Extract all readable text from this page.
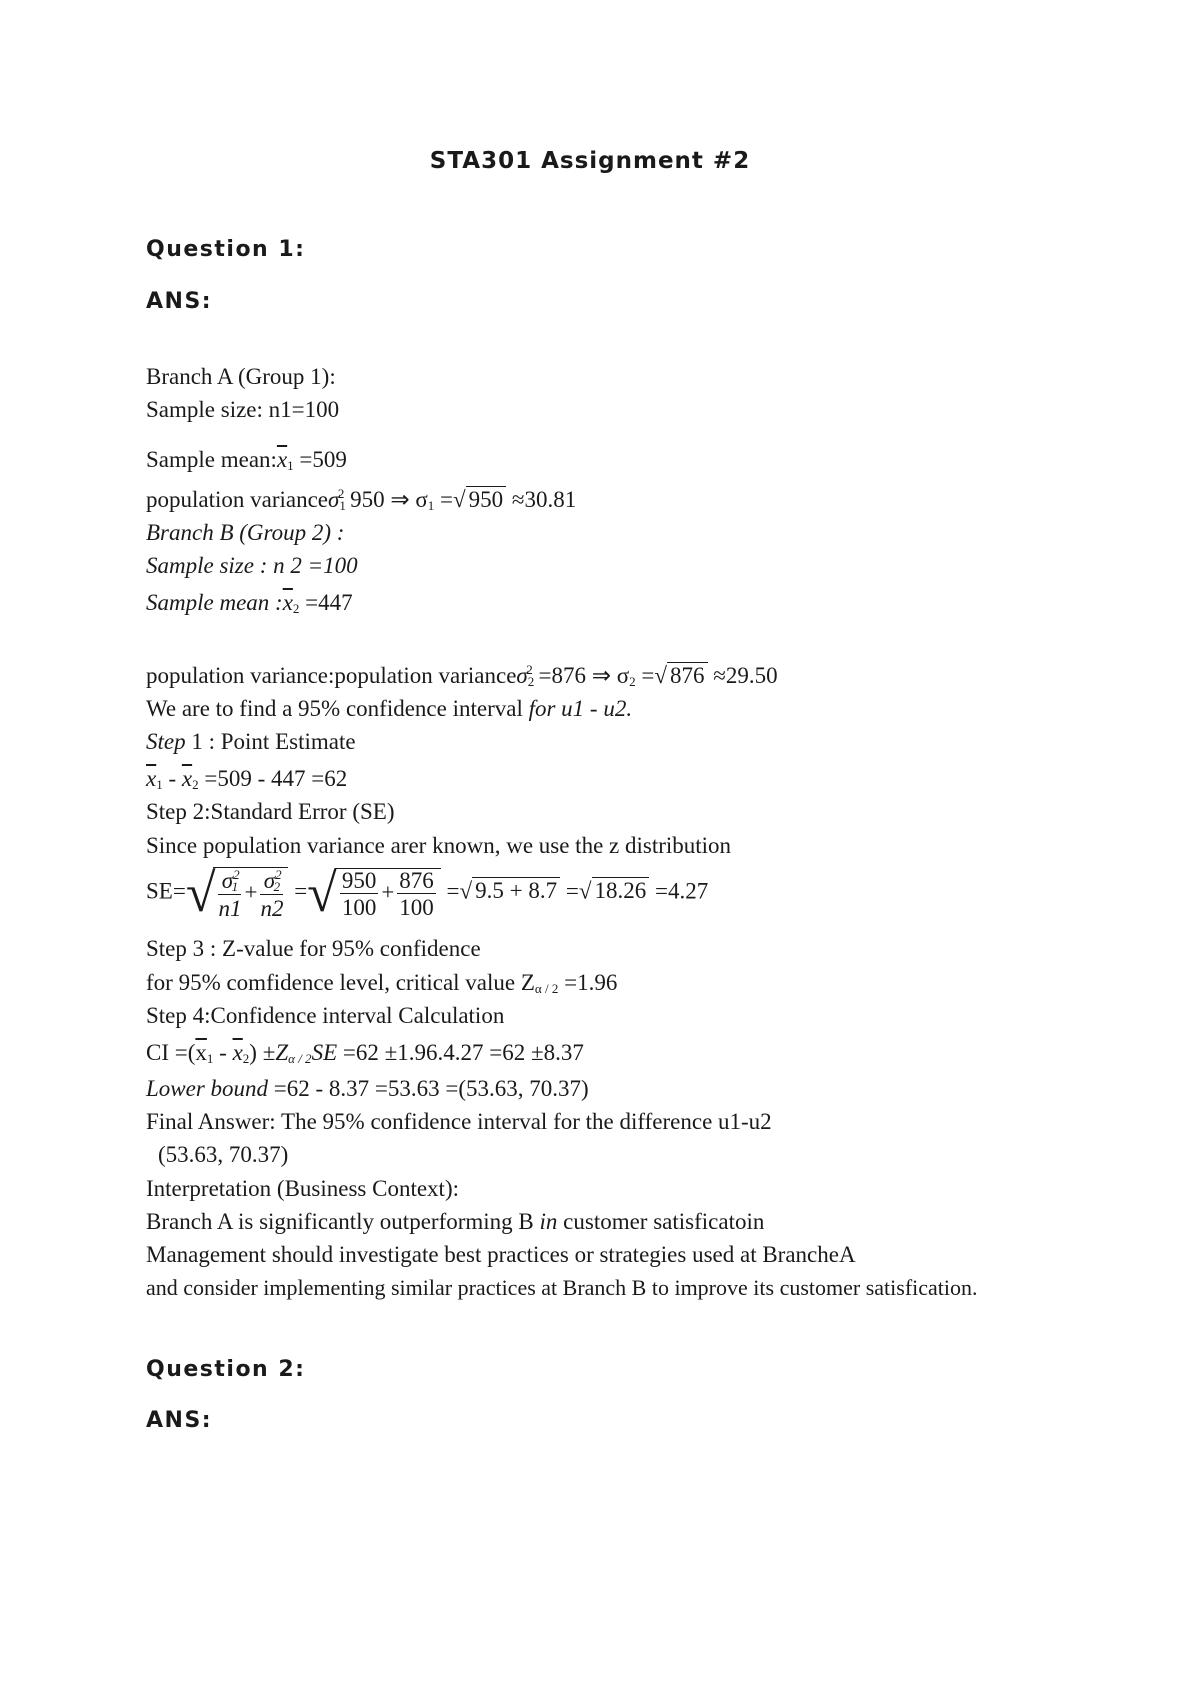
STA301 Assignment #2
Question 1:
ANS:
Branch A (Group 1):
Sample size: n1=100
Sample $mean:\overline{x}_1 =509$
population varianceσ$_1^2$ 950 ⇒ $\sigma_1$ =√ 950 ≈30.81
Branch B (Group 2) :
Sample size : n 2 =100
Sample mean $:\overline{x}_2 =447$
population variance:population varianceσ$_2^2$ =876 ⇒ $\sigma_2$ =√ 876 ≈29.50
We are to find a 95% confidence interval for u1 - u2.
Step 1 : Point Estimate
$\overline{x}_1 - \overline{x}_2 =509 - 447 =62$
Step 2:Standard Error (SE)
Since population variance arer known, we use the z distribution
$SE=√ \frac{\sigma^2_1}{n1} + \frac{\sigma^2_2}{n2}$ =√ $\frac{950}{100} + \frac{876}{100}$ =√ 9.5 + 8.7 =√ 18.26 =4.27
Step 3 : Z-value for 95% confidence
for 95% comfidence level, critical value $Z_{\alpha / 2} =1.96$
Step 4:Confidence interval Calculation
CI $=(\overline{x}_1 - \overline{x}_2) \pm Z_{\alpha / 2}SE =62 \pm 1.96.4.27 =62 \pm 8.37$
Lower bound =62 - 8.37 =53.63 =(53.63, 70.37)
Final Answer: The 95% confidence interval for the difference u1-u2
(53.63, 70.37)
Interpretation (Business Context):
Branch A is significantly outperforming B in customer satisficatoin
Management should investigate best practices or strategies used at BrancheA
and consider implementing similar practices at Branch B to improve its customer satisfication.
Question 2:
ANS:
